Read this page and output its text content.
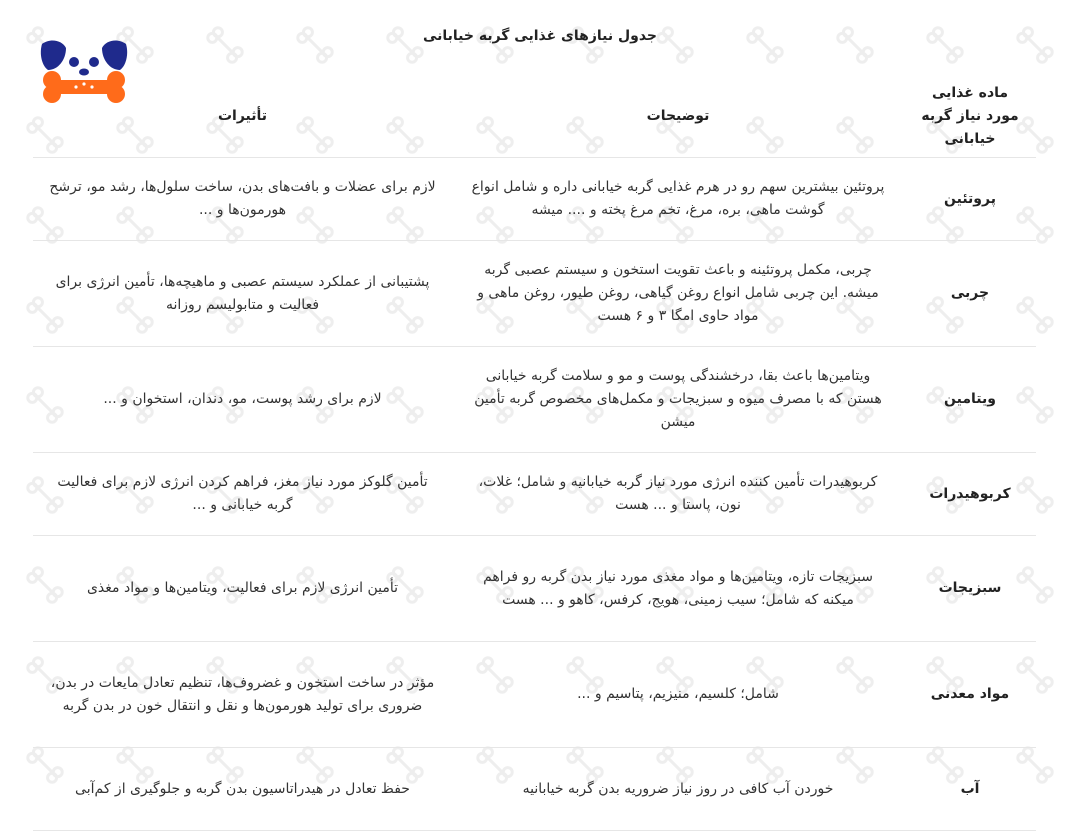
جدول نیازهای غذایی گربه خیابانی
ماده غذایی مورد نیاز گربه خیابانی	توضیحات	تأثیرات
پروتئین	پروتئین بیشترین سهم رو در هرم غذایی گربه خیابانی داره و شامل انواع گوشت ماهی، بره، مرغ، تخم مرغ پخته و .... میشه	لازم برای عضلات و بافت‌های بدن، ساخت سلول‌ها، رشد مو، ترشح هورمون‌ها و ...
چربی	چربی، مکمل پروتئینه و باعث تقویت استخون و سیستم عصبی گربه میشه. این چربی شامل انواع روغن گیاهی، روغن طیور، روغن ماهی و مواد حاوی امگا ۳ و ۶ هست	پشتیبانی از عملکرد سیستم عصبی و ماهیچه‌ها، تأمین انرژی برای فعالیت و متابولیسم روزانه
ویتامین	ویتامین‌ها باعث بقا، درخشندگی پوست و مو و سلامت گربه خیابانی هستن که با مصرف میوه و سبزیجات و مکمل‌های مخصوص گربه تأمین میشن	لازم برای رشد پوست، مو، دندان، استخوان و ...
کربوهیدرات	کربوهیدرات تأمین کننده انرژی مورد نیاز گربه خیابانیه و شامل؛ غلات، نون، پاستا و ... هست	تأمین گلوکز مورد نیاز مغز، فراهم کردن انرژی لازم برای فعالیت گربه خیابانی و ...
سبزیجات	سبزیجات تازه، ویتامین‌ها و مواد مغذی مورد نیاز بدن گربه رو فراهم میکنه که شامل؛ سیب زمینی، هویج، کرفس، کاهو و ... هست	تأمین انرژی لازم برای فعالیت، ویتامین‌ها و مواد مغذی
مواد معدنی	شامل؛ کلسیم، منیزیم، پتاسیم و ...	مؤثر در ساخت استخون و غضروف‌ها، تنظیم تعادل مایعات در بدن، ضروری برای تولید هورمون‌ها و نقل و انتقال خون در بدن گربه
آب	خوردن آب کافی در روز نیاز ضروریه بدن گربه خیابانیه	حفظ تعادل در هیدراتاسیون بدن گربه و جلوگیری از کم‌آبی
